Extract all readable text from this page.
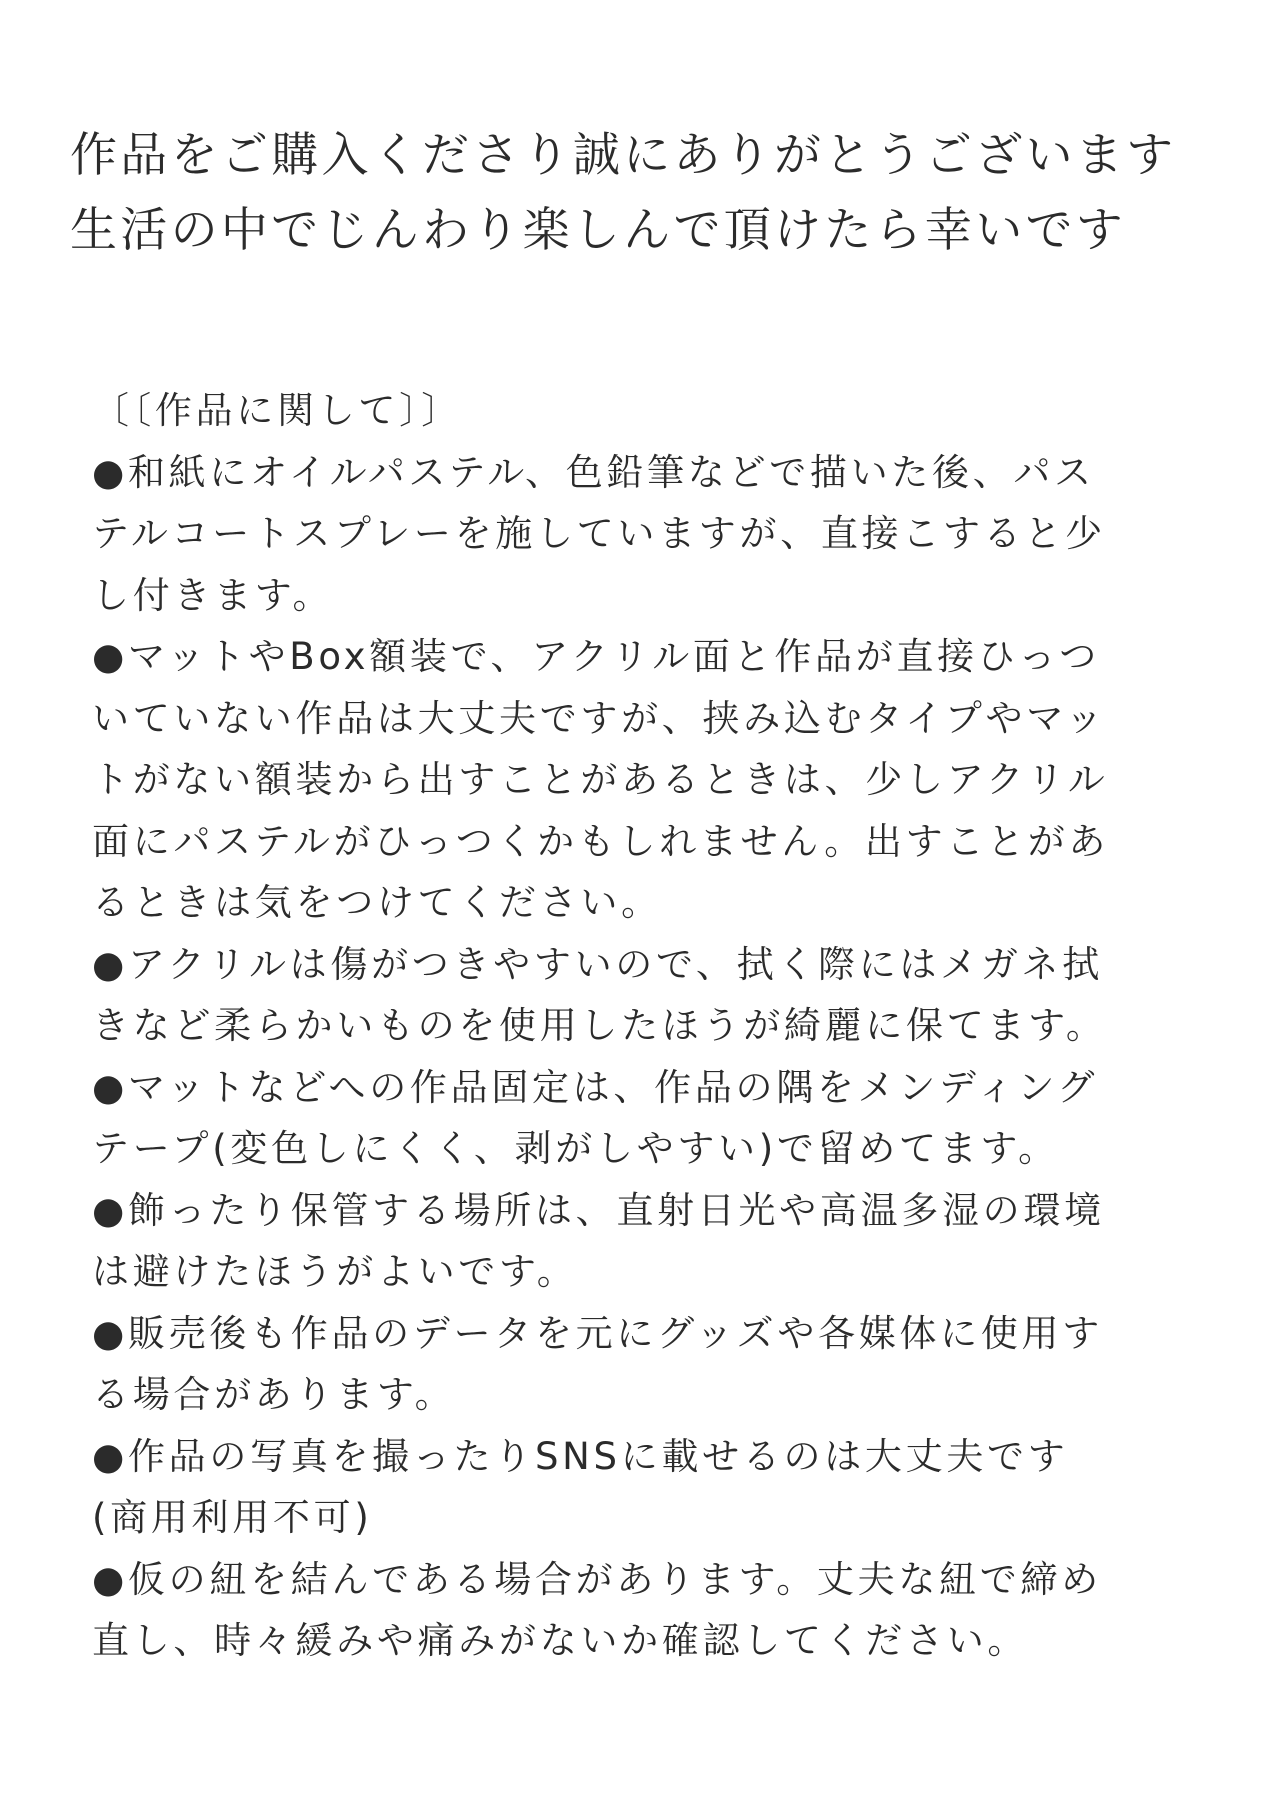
作品をご購入くださり誠にありがとうございます
生活の中でじんわり楽しんで頂けたら幸いです
〔〔作品に関して〕〕
●和紙にオイルパステル、色鉛筆などで描いた後、パス
テルコートスプレーを施していますが、直接こすると少
し付きます。
●マットやBox額装で、アクリル面と作品が直接ひっつ
いていない作品は大丈夫ですが、挟み込むタイプやマッ
トがない額装から出すことがあるときは、少しアクリル
面にパステルがひっつくかもしれません。出すことがあ
るときは気をつけてください。
●アクリルは傷がつきやすいので、拭く際にはメガネ拭
きなど柔らかいものを使用したほうが綺麗に保てます。
●マットなどへの作品固定は、作品の隅をメンディング
テープ(変色しにくく、剥がしやすい)で留めてます。
●飾ったり保管する場所は、直射日光や高温多湿の環境
は避けたほうがよいです。
●販売後も作品のデータを元にグッズや各媒体に使用す
る場合があります。
●作品の写真を撮ったりSNSに載せるのは大丈夫です
(商用利用不可)
●仮の紐を結んである場合があります。丈夫な紐で締め
直し、時々緩みや痛みがないか確認してください。
